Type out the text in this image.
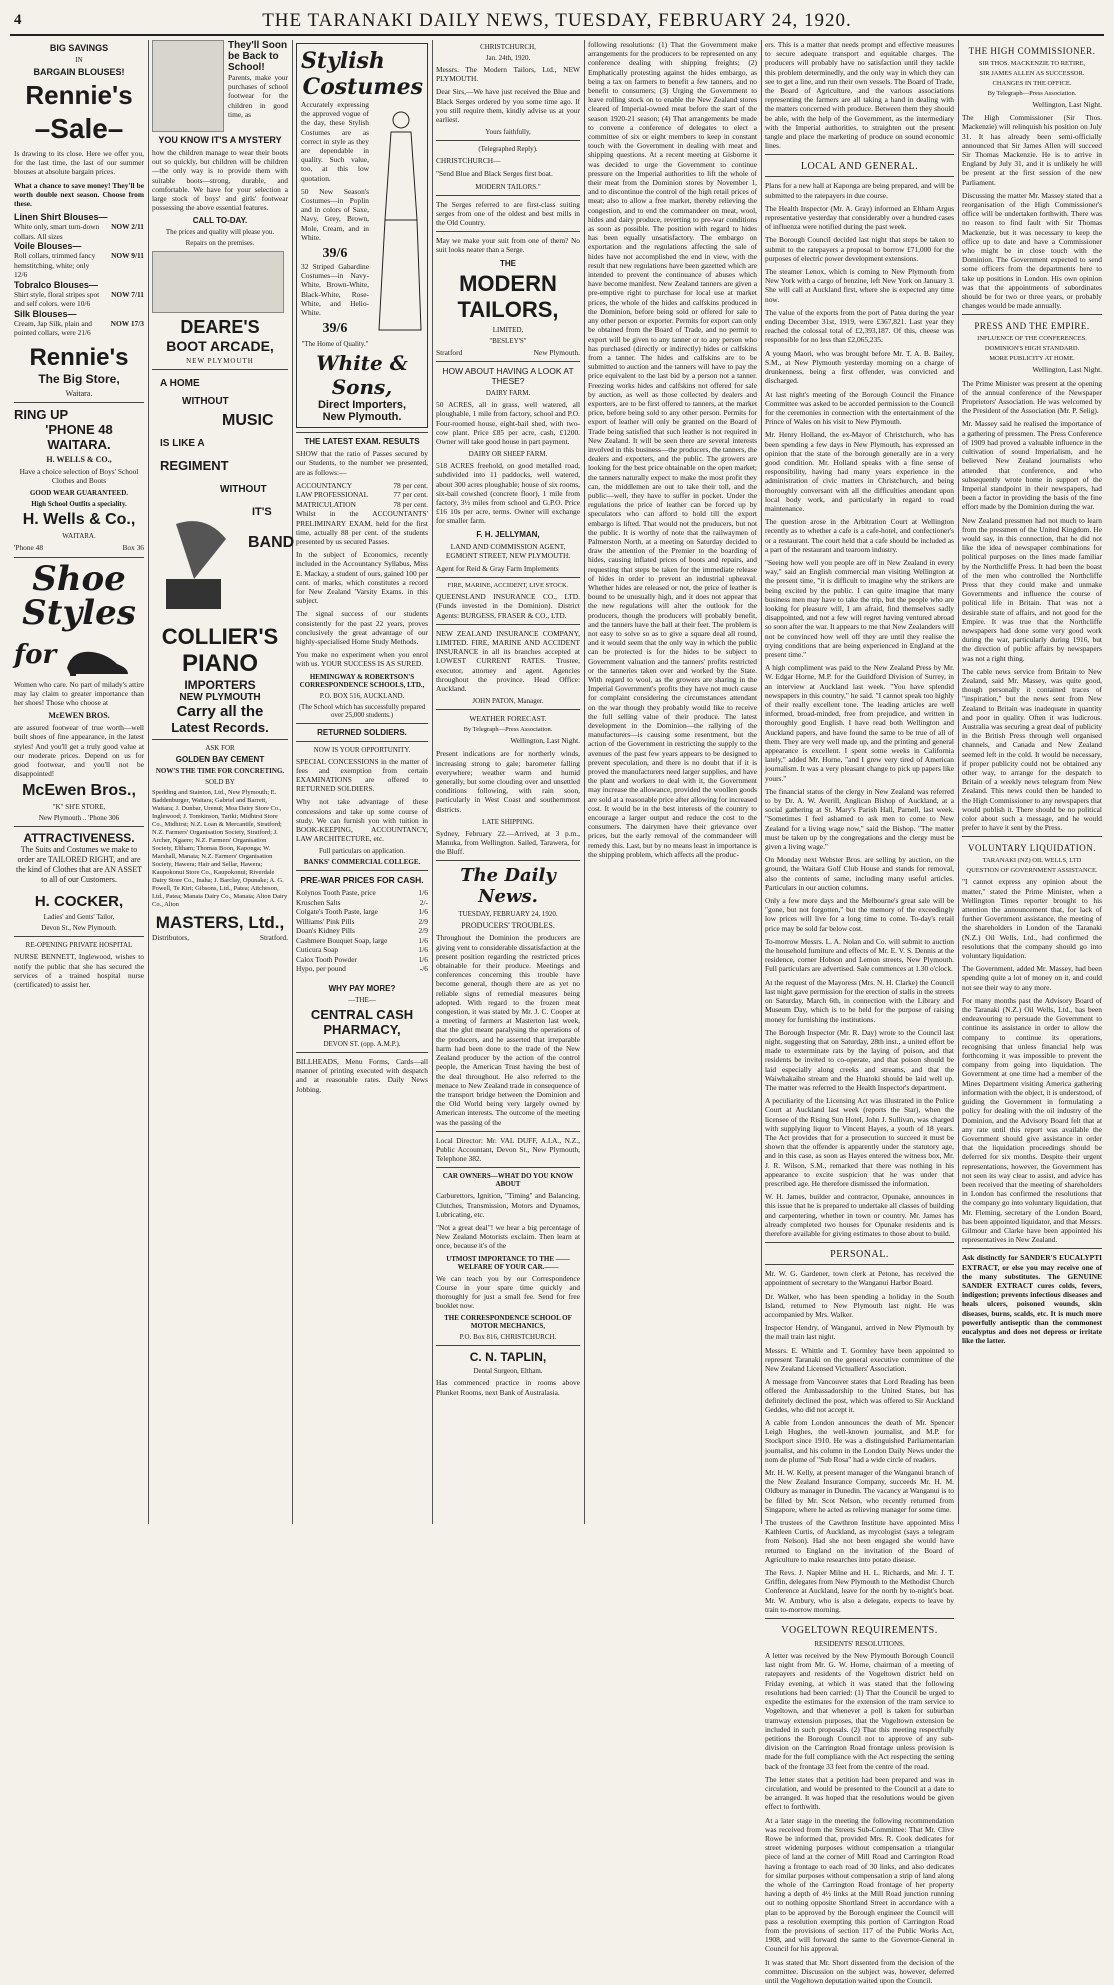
4	THE TARANAKI DAILY NEWS, TUESDAY, FEBRUARY 24, 1920.
BIG SAVINGS
IN
BARGAIN BLOUSES!
Rennie's
–Sale–

Is drawing to its close. Here we offer you, for the last time, the last of our summer blouses at absolute bargain prices.

What a chance to save money! They'll be worth double next season. Choose from these.

Linen Shirt Blouses—
White only, smart turn-down collars. All sizes
NOW 2/11
Voile Blouses—
Roll collars, trimmed fancy hemstitching, white; only 12/6
NOW 9/11
Tobralco Blouses—
Shirt style, floral stripes spot and self colors. were 10/6
NOW 7/11
Silk Blouses—
Cream, Jap Silk, plain and pointed collars, were 21/6
NOW 17/3
Rennie's
The Big Store,
Waitara.
RING UP
'PHONE 48
WAITARA.
H. WELLS & CO.,

Have a choice selection of Boys' School Clothes and Boots

GOOD WEAR GUARANTEED.
High School Outfits a speciality.
H. Wells & Co.,
WAITARA.
'Phone 48	Box 36
Shoe
Styles
for

Women who care. No part of milady's attire may lay claim to greater importance than her shoes! Those who choose at

McEWEN BROS.

are assured footwear of true worth—well built shoes of fine appearance, in the latest styles! And you'll get a truly good value at our moderate prices. Depend on us for good footwear, and you'll not be disappointed!

McEwen Bros.,
"K" SH'E STORE,
New Plymouth .. 'Phone 306
ATTRACTIVENESS.

The Suits and Costumes we make to order are TAILORED RIGHT, and are the kind of Clothes that are AN ASSET to all of our Customers.

H. COCKER,
Ladies' and Gents' Tailor,
Devon St., New Plymouth.
RE-OPENING PRIVATE HOSPITAL

NURSE BENNETT, Inglewood, wishes to notify the public that she has secured the services of a trained hospital nurse (certificated) to assist her.

They'll Soon be Back to School!

Parents, make your purchases of school footwear for the children in good time, as

YOU KNOW IT'S A MYSTERY

how the children manage to wear their boots out so quickly, but children will be children—the only way is to provide them with suitable boots—strong, durable, and comfortable. We have for your selection a large stock of boys' and girls' footwear possessing the above essential features.

CALL TO-DAY.
The prices and quality will please you.
Repairs on the premises.
DEARE'S
BOOT ARCADE,
NEW PLYMOUTH
A HOME
WITHOUT
MUSIC
IS LIKE A
REGIMENT
WITHOUT
IT'S
BAND
COLLIER'S
PIANO
IMPORTERS
NEW PLYMOUTH
Carry all the
Latest Records.
ASK FOR
GOLDEN BAY CEMENT
NOW'S THE TIME FOR CONCRETING.
SOLD BY

Spedding and Stainton, Ltd., New Plymouth; E. Baddenburger, Waitara; Gabriel and Barrett, Waitara; J. Dunbar, Urenui; Moa Dairy Store Co., Inglewood; J. Tomkinson, Tariki; Midhirst Store Co., Midhirst; N.Z. Loan & Mercantile, Stratford; N.Z. Farmers' Organisation Society, Stratford; J. Archer, Ngaere; N.Z. Farmers' Organisation Society, Eltham; Thomas Boon, Kaponga; W. Marshall, Manaia; N.Z. Farmers' Organisation Society, Hawera; Hair and Sellar, Hawera; Kaupokonui Store Co., Kaupokonui; Riverdale Dairy Store Co., Inaha; J. Barclay, Opunake; A. G. Powell, Te Kiri; Gibsons, Ltd., Patea; Aitcheson, Ltd., Patea; Manaia Dairy Co., Manaia; Alton Dairy Co., Alton

MASTERS, Ltd.,
Distributors,	Stratford.
Stylish
Costumes

Accurately expressing the approved vogue of the day, these Stylish Costumes are as correct in style as they are dependable in quality. Such value, too, at this low quotation.

50 New Season's Costumes—in Poplin and in colors of Saxe, Navy, Grey, Brown, Mole, Cream, and in White.

39/6

32 Striped Gabardine Costumes—in Navy-White, Brown-White, Black-White, Rose-White, and Helio-White.

39/6
"The Home of Quality."
White & Sons,
Direct Importers,
New Plymouth.
THE LATEST EXAM. RESULTS

SHOW that the ratio of Passes secured by our Students, to the number we presented, are as follows:—

ACCOUNTANCY	78 per cent.
LAW PROFESSIONAL	77 per cent.
MATRICULATION	78 per cent.

Whilst in the ACCOUNTANTS' PRELIMINARY EXAM. held for the first time, actually 88 per cent. of the students presented by us secured Passes.

In the subject of Economics, recently included in the Accountancy Syllabus, Miss E. Mackay, a student of ours, gained 100 per cent. of marks, which constitutes a record for New Zealand 'Varsity Exams. in this subject.

The signal success of our students consistently for the past 22 years, proves conclusively the great advantage of our highly-specialised Home Study Methods.

You make no experiment when you enrol with us. YOUR SUCCESS IS AS SURED.

HEMINGWAY & ROBERTSON'S CORRESPONDENCE SCHOOLS, LTD.,
P.O. BOX 516, AUCKLAND.
(The School which has successfully prepared over 25,000 students.)
RETURNED SOLDIERS.
NOW IS YOUR OPPORTUNITY.

SPECIAL CONCESSIONS in the matter of fees and exemption from certain EXAMINATIONS are offered to RETURNED SOLDIERS.

Why not take advantage of these concessions and take up some course of study. We can furnish you with tuition in BOOK-KEEPING, ACCOUNTANCY, LAW ARCHITECTURE, etc.

Full particulars on application.
BANKS' COMMERCIAL COLLEGE.
PRE-WAR PRICES FOR CASH.
Kolynos Tooth Paste, price	1/6
Kruschen Salts	2/-
Colgate's Tooth Paste, large	1/6
Williams' Pink Pills	2/9
Doan's Kidney Pills	2/9
Cashmere Bouquet Soap, large	1/6
Cuticura Soap	1/6
Calox Tooth Powder	1/6
Hypo, per pound	-/6
WHY PAY MORE?
—THE—
CENTRAL CASH PHARMACY,
DEVON ST. (opp. A.M.P.).

BILLHEADS, Menu Forms, Cards—all manner of printing executed with despatch and at reasonable rates. Daily News Jobbing.

CHRISTCHURCH,
Jan. 24th, 1920.

Messrs. The Modern Tailors, Ltd., NEW PLYMOUTH.

Dear Sirs,—We have just received the Blue and Black Serges ordered by you some time ago. If you still require them, kindly advise us at your earliest.

Yours faithfully,
(Telegraphed Reply).
CHRISTCHURCH—

"Send Blue and Black Serges first boat.

MODERN TAILORS."

The Serges referred to are first-class suiting serges from one of the oldest and best mills in the Old Country.

May we make your suit from one of them? No suit looks neater than a Serge.

THE
MODERN
TAILORS,
LIMITED,
"BESLEY'S"
Stratford	New Plymouth.
HOW ABOUT HAVING A LOOK AT THESE?
DAIRY FARM.

50 ACRES, all in grass, well watered, all ploughable, 1 mile from factory, school and P.O. Four-roomed house, eight-bail shed, with two-cow plant. Price £85 per acre, cash, £1200. Owner will take good house in part payment.

DAIRY OR SHEEP FARM.

518 ACRES freehold, on good metalled road, subdivided into 11 paddocks, well watered, about 300 acres ploughable; house of six rooms, six-bail cowshed (concrete floor), 1 mile from factory, 3½ miles from school and G.P.O. Price £16 10s per acre, terms. Owner will exchange for smaller farm.

F. H. JELLYMAN,

LAND AND COMMISSION AGENT, EGMONT STREET, NEW PLYMOUTH.

Agent for Reid & Gray Farm Implements

FIRE, MARINE, ACCIDENT, LIVE STOCK.

QUEENSLAND INSURANCE CO., LTD. (Funds invested in the Dominion). District Agents: BURGESS, FRASER & CO., LTD.

NEW ZEALAND INSURANCE COMPANY, LIMITED. FIRE, MARINE AND ACCIDENT INSURANCE in all its branches accepted at LOWEST CURRENT RATES. Trustee, executor, attorney and agent. Agencies throughout the province. Head Office: Auckland.

JOHN PATON, Manager.
WEATHER FORECAST.
By Telegraph—Press Association.
Wellington, Last Night.

Present indications are for northerly winds, increasing strong to gale; barometer falling everywhere; weather warm and humid generally, but some clouding over and unsettled conditions following, with rain soon, particularly in West Coast and southernmost districts.

LATE SHIPPING.

Sydney, February 22.—Arrived, at 3 p.m., Manuka, from Wellington. Sailed, Tarawera, for the Bluff.

The Daily News.
TUESDAY, FEBRUARY 24, 1920.
PRODUCERS' TROUBLES.

Throughout the Dominion the producers are giving vent to considerable dissatisfaction at the present position regarding the restricted prices obtainable for their produce. Meetings and conferences concerning this trouble have become general, though there are as yet no reliable signs of remedial measures being adopted. With regard to the frozen meat congestion, it was stated by Mr. J. C. Cooper at a meeting of farmers at Masterton last week, that the glut meant paralysing the operations of the producers, and he asserted that irreparable harm had been done to the trade of the New Zealand producer by the action of the control people, the American Trust having the best of the deal throughout. He also referred to the menace to New Zealand trade in consequence of the transport bridge between the Dominion and the Old World being very largely owned by American interests. The outcome of the meeting was the passing of the

Local Director: Mr. VAL DUFF, A.I.A., N.Z., Public Accountant, Devon St., New Plymouth, Telephone 382.

CAR OWNERS—WHAT DO YOU KNOW ABOUT

Carburettors, Ignition, "Timing" and Balancing, Clutches, Transmission, Motors and Dynamos, Lubricating, etc.

"Not a great deal"! we hear a big percentage of New Zealand Motorists exclaim. Then learn at once, because it's of the

UTMOST IMPORTANCE TO THE —— WELFARE OF YOUR CAR.——

We can teach you by our Correspondence Course in your spare time quickly and thoroughly for just a small fee. Send for free booklet now.

THE CORRESPONDENCE SCHOOL OF MOTOR MECHANICS,
P.O. Box 816, CHRISTCHURCH.
C. N. TAPLIN,
Dental Surgeon, Eltham.

Has commenced practice in rooms above Plunket Rooms, next Bank of Australasia.

following resolutions: (1) That the Government make arrangements for the producers to be represented on any conference dealing with shipping freights; (2) Emphatically protesting against the hides embargo, as being a tax on farmers to benefit a few tanners, and no benefit to consumers; (3) Urging the Government to leave rolling stock on to enable the New Zealand stores cleared of Imperial-owned meat before the start of the season 1920-21 season; (4) That arrangements be made to convene a conference of delegates to elect a committee of six or eight members to keep in constant touch with the Government in dealing with meat and shipping questions. At a recent meeting at Gisborne it was decided to urge the Government to continue pressure on the Imperial authorities to lift the whole of their meat from the Dominion stores by November 1, and to discontinue the control of the high retail prices of meat; also to allow a free market, thereby relieving the congestion, and to end the commandeer on meat, wool, hides and dairy produce, reverting to pre-war conditions as soon as possible. The position with regard to hides has been equally unsatisfactory. The embargo on exportation and the regulations affecting the sale of hides have not accomplished the end in view, with the result that new regulations have been gazetted which are intended to prevent the continuance of abuses which have become manifest. New Zealand tanners are given a pre-emptive right to purchase for local use at market prices, the whole of the hides and calfskins produced in the Dominion, before being sold or offered for sale to any other person or exporter. Permits for export can only be obtained from the Board of Trade, and no permit to export will be given to any tanner or to any person who has purchased (directly or indirectly) hides or calfskins from a tanner. The hides and calfskins are to be submitted to auction and the tanners will have to pay the price equivalent to the last bid by a person not a tanner. Freezing works hides and calfskins not offered for sale by auction, as well as those collected by dealers and exporters, are to be first offered to tanners, at the market price, before being sold to any other person. Permits for export of leather will only be granted on the Board of Trade being satisfied that such leather is not required in New Zealand. It will be seen there are several interests involved in this business—the producers, the tanners, the dealers and exporters, and the public. The growers are looking for the best price obtainable on the open market; the tanners naturally expect to make the most profit they can, the middlemen are out to take their toll, and the public—well, they have to suffer in pocket. Under the regulations the price of leather can be forced up by speculators who can afford to hold till the export embargo is lifted. That would not the producers, but not the public. It is worthy of note that the railwaymen of Palmerston North, at a meeting on Saturday decided to draw the attention of the Premier to the boarding of hides, causing inflated prices of boots and repairs, and requesting that steps be taken for the immediate release of hides in order to prevent an industrial upheaval. Whether hides are released or not, the price of leather is bound to be unusually high, and it does not appear that the new regulations will alter the outlook for the producers, though the producers will probably benefit, and the tanners have the ball at their feet. The problem is not easy to solve so as to give a square deal all round, and it would seem that the only way in which the public can be protected is for the hides to be subject to Government valuation and the tanners' profits restricted or the tanneries taken over and worked by the State. With regard to wool, as the growers are sharing in the Imperial Government's profits they have not much cause for complaint considering the circumstances attendant on the war though they probably would like to receive the full selling value of their produce. The latest development in the Dominion—the rallying of the manufacturers—is causing some resentment, but the action of the Government in restricting the supply to the avenues of the past few years appears to be designed to prevent speculation, and there is no doubt that if it is proved the manufacturers need larger supplies, and have the plant and workers to deal with it, the Government may increase the allowance, provided the woollen goods are sold at a reasonable price after allowing for increased cost. It would be in the best interests of the country to encourage a larger output and reduce the cost to the consumers. The dairymen have their grievance over prices, but the early removal of the commandeer will remedy this. Last, but by no means least in importance is the shipping problem, which affects all the produc-

ers. This is a matter that needs prompt and effective measures to secure adequate transport and equitable charges. The producers will probably have no satisfaction until they tackle this problem determinedly, and the only way in which they can see to get a line, and run their own vessels. The Board of Trade, the Board of Agriculture, and the various associations representing the farmers are all taking a hand in dealing with the matters concerned with produce. Between them they should be able, with the help of the Government, as the intermediary with the Imperial authorities, to straighten out the present tangle and place the marketing of produce on sound economic lines.

LOCAL AND GENERAL.

Plans for a new hall at Kaponga are being prepared, and will be submitted to the ratepayers in due course.

The Health Inspector (Mr. A. Gray) informed an Eltham Argus representative yesterday that considerably over a hundred cases of influenza were notified during the past week.

The Borough Council decided last night that steps be taken to submit to the ratepayers a proposal to borrow £71,000 for the purposes of electric power development extensions.

The steamer Lenox, which is coming to New Plymouth from New York with a cargo of benzine, left New York on January 3. She will call at Auckland first, where she is expected any time now.

The value of the exports from the port of Patea during the year ending December 31st, 1919, were £367,821. Last year they reached the colossal total of £2,393,187. Of this, cheese was responsible for no less than £2,065,235.

A young Maori, who was brought before Mr. T. A. B. Bailey, S.M., at New Plymouth yesterday morning on a charge of drunkenness, being a first offender, was convicted and discharged.

At last night's meeting of the Borough Council the Finance Committee was asked to be accorded permission to the Council for the ceremonies in connection with the entertainment of the Prince of Wales on his visit to New Plymouth.

Mr. Henry Holland, the ex-Mayor of Christchurch, who has been spending a few days in New Plymouth, has expressed an opinion that the state of the borough generally are in a very good condition. Mr. Holland speaks with a fine sense of responsibility, having had many years experience in the administration of civic matters in Christchurch, and being thoroughly conversant with all the difficulties attendant upon local body work, and particularly in regard to road maintenance.

The question arose in the Arbitration Court at Wellington recently as to whether a cafe is a cafe-hotel, and confectioner's or a restaurant. The court held that a cafe should be included as a part of the restaurant and tearoom industry.

"Seeing how well you people are off in New Zealand in every way," said an English commercial man visiting Wellington at the present time, "it is difficult to imagine why the strikers are being excited by the public. I can quite imagine that many business men may have to take the trip, but the people who are looking for pleasure will, I am afraid, find themselves sadly disappointed, and not a few will regret having ventured abroad so soon after the war. It appears to me that New Zealanders will not be convinced how well off they are until they realise the trying conditions that are being experienced in England at the present time."

A high compliment was paid to the New Zealand Press by Mr. W. Edgar Horne, M.P. for the Guildford Division of Surrey, in an interview at Auckland last week. "You have splendid newspapers in this country," he said. "I cannot speak too highly of their really excellent tone. The leading articles are well informed, broad-minded, free from prejudice, and written in thoroughly good English. I have read both Wellington and Auckland papers, and have found the same to be true of all of them. They are very well made up, and the printing and general appearance is excellent. I spent some weeks in California lately," added Mr. Horne, "and I grew very tired of American journalism. It was a very pleasant change to pick up papers like yours."

The financial status of the clergy in New Zealand was referred to by Dr. A. W. Averill, Anglican Bishop of Auckland, at a social gathering at St. Mary's Parish Hall, Parnell, last week. "Sometimes I feel ashamed to ask men to come to New Zealand for a living wage now," said the Bishop. "The matter must be taken up by the congregations and the clergy must be given a living wage."

On Monday next Webster Bros. are selling by auction, on the ground, the Waitara Golf Club House and stands for removal, also the contents of same, including many useful articles. Particulars in our auction columns.

Only a few more days and the Melbourne's great sale will be "gone, but not forgotten," but the memory of the exceedingly low prices will live for a long time to come. To-day's retail price may be sold far below cost.

To-morrow Messrs. L. A. Nolan and Co. will submit to auction the household furniture and effects of Mr. E. V. S. Dennis at the residence, corner Hobson and Lemon streets, New Plymouth. Full particulars are advertised. Sale commences at 1.30 o'clock.

At the request of the Mayoress (Mrs. N. H. Clarke) the Council last night gave permission for the erection of stalls in the streets on Saturday, March 6th, in connection with the Library and Museum Day, which is to be held for the purpose of raising money for furnishing the institutions.

The Borough Inspector (Mr. R. Day) wrote to the Council last night, suggesting that on Saturday, 28th inst., a united effort be made to exterminate rats by the laying of poison, and that residents be invited to co-operate, and that poison should be laid especially along creeks and streams, and that the Waiwhakaiho stream and the Huatoki should be laid well up. The matter was referred to the Health Inspector's department.

A peculiarity of the Licensing Act was illustrated in the Police Court at Auckland last week (reports the Star), when the licensee of the Rising Sun Hotel, John J. Sullivan, was charged with supplying liquor to Vincent Hayes, a youth of 18 years. The Act provides that for a prosecution to succeed it must be shown that the offender is apparently under the statutory age, and in this case, as soon as Hayes entered the witness box, Mr. J. R. Wilson, S.M., remarked that there was nothing in his appearance to excite suspicion that he was under that prescribed age. He therefore dismissed the information.

W. H. James, builder and contractor, Opunake, announces in this issue that he is prepared to undertake all classes of building and carpentering, whether in town or country. Mr. James has already completed two houses for Opunake residents and is therefore available for giving estimates to those about to build.

PERSONAL.

Mr. W. G. Gardener, town clerk at Petone, has received the appointment of secretary to the Wanganui Harbor Board.

Dr. Walker, who has been spending a holiday in the South Island, returned to New Plymouth last night. He was accompanied by Mrs. Walker.

Inspector Hendry, of Wanganui, arrived in New Plymouth by the mail train last night.

Messrs. E. Whittle and T. Gormley have been appointed to represent Taranaki on the general executive committee of the New Zealand Licensed Victuallers' Association.

A message from Vancouver states that Lord Reading has been offered the Ambassadorship to the United States, but has definitely declined the post, which was offered to Sir Auckland Geddes, who did not accept it.

A cable from London announces the death of Mr. Spencer Leigh Hughes, the well-known journalist, and M.P. for Stockport since 1910. He was a distinguished Parliamentarian journalist, and his column in the London Daily News under the nom de plume of "Sub Rosa" had a wide circle of readers.

Mr. H. W. Kelly, at present manager of the Wanganui branch of the New Zealand Insurance Company, succeeds Mr. H. M. Oldbury as manager in Dunedin. The vacancy at Wanganui is to be filled by Mr. Scot Nelson, who recently returned from Singapore, where he acted as relieving manager for some time.

The trustees of the Cawthron Institute have appointed Miss Kathleen Curtis, of Auckland, as mycologist (says a telegram from Nelson). Had she not been engaged she would have returned to England on the invitation of the Board of Agriculture to make researches into potato disease.

The Revs. J. Napier Milne and H. L. Richards, and Mr. J. T. Griffin, delegates from New Plymouth to the Methodist Church Conference at Auckland, leave for the north by to-night's boat. Mr. W. Ambury, who is also a delegate, expects to leave by train to-morrow morning.

VOGELTOWN REQUIREMENTS.
RESIDENTS' RESOLUTIONS.

A letter was received by the New Plymouth Borough Council last night from Mr. G. W. Horne, chairman of a meeting of ratepayers and residents of the Vogeltown district held on Friday evening, at which it was stated that the following resolutions had been carried: (1) That the Council be urged to expedite the estimates for the extension of the tram service to Vogeltown, and that whenever a poll is taken for suburban tramway extension purposes, that the Vogeltown extension be included in such proposals. (2) That this meeting respectfully petitions the Borough Council not to approve of any sub-division on the Carrington Road frontage unless provision is made for the full compliance with the Act respecting the setting back of the frontage 33 feet from the centre of the road.

The letter states that a petition had been prepared and was in circulation, and would be presented to the Council at a date to be arranged. It was hoped that the resolutions would be given effect to forthwith.

At a later stage in the meeting the following recommendation was received from the Streets Sub-Committee: That Mr. Clive Rowe be informed that, provided Mrs. R. Cook dedicates for street widening purposes without compensation a triangular piece of land at the corner of Mill Road and Carrington Road having a frontage to each road of 30 links, and also dedicates for similar purposes without compensation a strip of land along the whole of the Carrington Road frontage of her property having a depth of 4½ links at the Mill Road junction running out to nothing opposite Shortland Street in accordance with a plan to be approved by the Borough engineer the Council will pass a resolution exempting this portion of Carrington Road from the provisions of section 117 of the Public Works Act, 1908, and will forward the same to the Governor-General in Council for his approval.

It was stated that Mr. Short dissented from the decision of the committee. Discussion on the subject was, however, deferred until the Vogeltown deputation waited upon the Council.

THE HIGH COMMISSIONER.
SIR THOS. MACKENZIE TO RETIRE,
SIR JAMES ALLEN AS SUCCESSOR.
CHANGES IN THE OFFICE.
By Telegraph—Press Association.
Wellington, Last Night.

The High Commissioner (Sir Thos. Mackenzie) will relinquish his position on July 31. It has already been semi-officially announced that Sir James Allen will succeed Sir Thomas Mackenzie. He is to arrive in England by July 31, and it is unlikely he will be present at the first session of the new Parliament.

Discussing the matter Mr. Massey stated that a reorganisation of the High Commissioner's office will be undertaken forthwith. There was no reason to find fault with Sir Thomas Mackenzie, but it was necessary to keep the office up to date and have a Commissioner who might be in close touch with the Dominion. The Government expected to send some officers from the departments here to take up positions in London. His own opinion was that the appointments of subordinates should be for two or three years, or probably changes would be made annually.

PRESS AND THE EMPIRE.
INFLUENCE OF THE CONFERENCES.
DOMINION'S HIGH STANDARD.
MORE PUBLICITY AT HOME.
Wellington, Last Night.

The Prime Minister was present at the opening of the annual conference of the Newspaper Proprietors' Association. He was welcomed by the President of the Association (Mr. P. Selig).

Mr. Massey said he realised the importance of a gathering of pressmen. The Press Conference of 1909 had proved a valuable influence in the cultivation of sound Imperialism, and he believed New Zealand journalists who attended that conference, and who subsequently wrote home in support of the Imperial standpoint in their newspapers, had been a factor in providing the basis of the fine effort made by the Dominion during the war.

New Zealand pressmen had not much to learn from the pressmen of the United Kingdom. He would say, in this connection, that he did not like the idea of newspaper combinations for political purposes on the lines made familiar by the Northcliffe Press. It had been the boast of the men who controlled the Northcliffe Press that they could make and unmake Governments and influence the course of political life in Britain. That was not a desirable state of affairs, and not good for the Empire. It was true that the Northcliffe newspapers had done some very good work during the war, particularly during 1916, but the direction of public affairs by newspapers was not a right thing.

The cable news service from Britain to New Zealand, said Mr. Massey, was quite good, though personally it contained traces of "inspiration," but the news sent from New Zealand to Britain was inadequate in quantity and poor in quality. Often it was ludicrous. Australia was securing a great deal of publicity in the British Press through well organised channels, and Canada and New Zealand seemed left in the cold. It would be necessary, if proper publicity could not be obtained any other way, to arrange for the despatch to Britain of a weekly news telegram from New Zealand. This news could then be handed to the High Commissioner to any newspapers that would publish it. There should be no political color about such a message, and he would prefer to have it sent by the Press.

VOLUNTARY LIQUIDATION.
TARANAKI (NZ) OIL WELLS, LTD
QUESTION OF GOVERNMENT ASSISTANCE.

"I cannot express any opinion about the matter," stated the Prime Minister, when a Wellington Times reporter brought to his attention the announcement that, for lack of further Government assistance, the meeting of the shareholders in London of the Taranaki (N.Z.) Oil Wells, Ltd., had confirmed the resolutions that the company should go into voluntary liquidation.

The Government, added Mr. Massey, had been spending quite a lot of money on it, and could not see their way to any more.

For many months past the Advisory Board of the Taranaki (N.Z.) Oil Wells, Ltd., has been endeavouring to persuade the Government to continue its assistance in order to allow the company to continue its operations, recognising that unless financial help was forthcoming it was impossible to prevent the company from going into liquidation. The Government at one time had a member of the Mines Department visiting America gathering information with the object, it is understood, of guiding the Government in formulating a policy for dealing with the oil industry of the Dominion, and the Advisory Board felt that at any rate until this report was available the Government should give assistance in order that the liquidation proceedings should be deferred for six months. Despite their urgent representations, however, the Government has not seen its way clear to assist, and advice has been received that the meeting of shareholders in London has confirmed the resolutions that the company go into voluntary liquidation, that Mr. Fleming, secretary of the London Board, has been appointed liquidator, and that Messrs. Gilmour and Clarke have been appointed his representatives in New Zealand.

Ask distinctly for SANDER'S EUCALYPTI EXTRACT, or else you may receive one of the many substitutes. The GENUINE SANDER EXTRACT cures colds, fevers, indigestion; prevents infectious diseases and heals ulcers, poisoned wounds, skin diseases, burns, scalds, etc. It is much more powerfully antiseptic than the commonest eucalyptus and does not depress or irritate like the latter.
